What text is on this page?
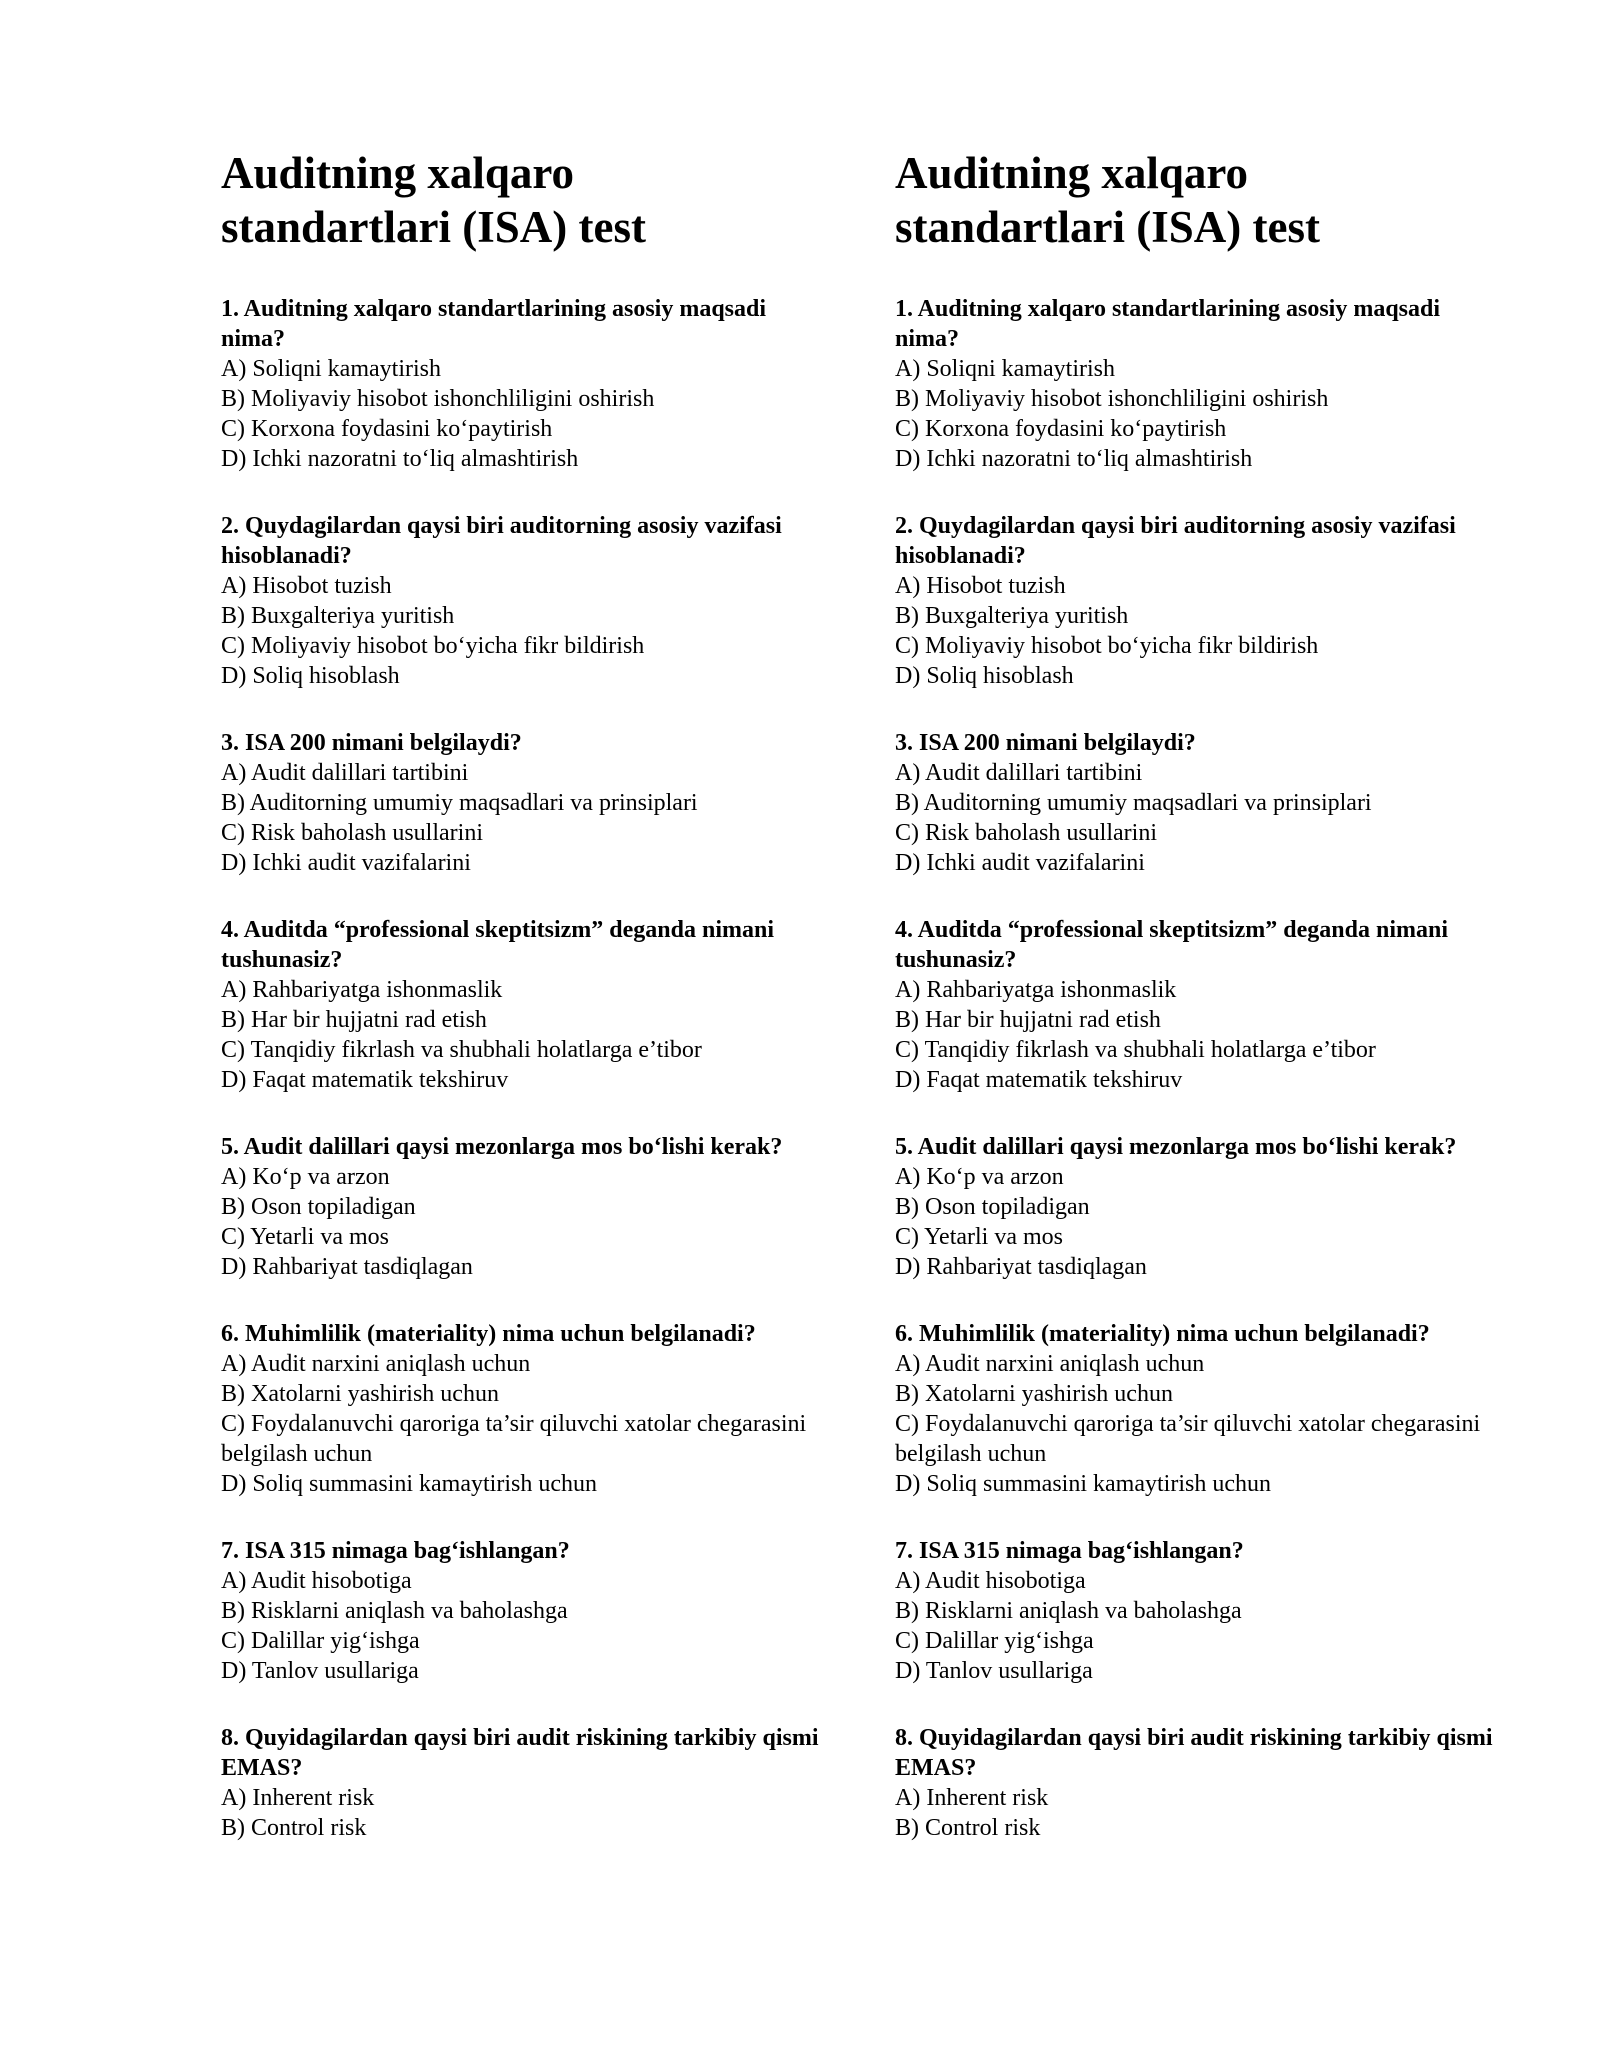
Auditning xalqaro standartlari (ISA) test

1. Auditning xalqaro standartlarining asosiy maqsadi nima?

A) Soliqni kamaytirish

B) Moliyaviy hisobot ishonchliligini oshirish

C) Korxona foydasini ko‘paytirish

D) Ichki nazoratni to‘liq almashtirish

2. Quydagilardan qaysi biri auditorning asosiy vazifasi hisoblanadi?

A) Hisobot tuzish

B) Buxgalteriya yuritish

C) Moliyaviy hisobot bo‘yicha fikr bildirish

D) Soliq hisoblash

3. ISA 200 nimani belgilaydi?

A) Audit dalillari tartibini

B) Auditorning umumiy maqsadlari va prinsiplari

C) Risk baholash usullarini

D) Ichki audit vazifalarini

4. Auditda “professional skeptitsizm” deganda nimani tushunasiz?

A) Rahbariyatga ishonmaslik

B) Har bir hujjatni rad etish

C) Tanqidiy fikrlash va shubhali holatlarga e’tibor

D) Faqat matematik tekshiruv

5. Audit dalillari qaysi mezonlarga mos bo‘lishi kerak?

A) Ko‘p va arzon

B) Oson topiladigan

C) Yetarli va mos

D) Rahbariyat tasdiqlagan

6. Muhimlilik (materiality) nima uchun belgilanadi?

A) Audit narxini aniqlash uchun

B) Xatolarni yashirish uchun

C) Foydalanuvchi qaroriga ta’sir qiluvchi xatolar chegarasini belgilash uchun

D) Soliq summasini kamaytirish uchun

7. ISA 315 nimaga bag‘ishlangan?

A) Audit hisobotiga

B) Risklarni aniqlash va baholashga

C) Dalillar yig‘ishga

D) Tanlov usullariga

8. Quyidagilardan qaysi biri audit riskining tarkibiy qismi EMAS?

A) Inherent risk

B) Control risk

Auditning xalqaro standartlari (ISA) test

1. Auditning xalqaro standartlarining asosiy maqsadi nima?

A) Soliqni kamaytirish

B) Moliyaviy hisobot ishonchliligini oshirish

C) Korxona foydasini ko‘paytirish

D) Ichki nazoratni to‘liq almashtirish

2. Quydagilardan qaysi biri auditorning asosiy vazifasi hisoblanadi?

A) Hisobot tuzish

B) Buxgalteriya yuritish

C) Moliyaviy hisobot bo‘yicha fikr bildirish

D) Soliq hisoblash

3. ISA 200 nimani belgilaydi?

A) Audit dalillari tartibini

B) Auditorning umumiy maqsadlari va prinsiplari

C) Risk baholash usullarini

D) Ichki audit vazifalarini

4. Auditda “professional skeptitsizm” deganda nimani tushunasiz?

A) Rahbariyatga ishonmaslik

B) Har bir hujjatni rad etish

C) Tanqidiy fikrlash va shubhali holatlarga e’tibor

D) Faqat matematik tekshiruv

5. Audit dalillari qaysi mezonlarga mos bo‘lishi kerak?

A) Ko‘p va arzon

B) Oson topiladigan

C) Yetarli va mos

D) Rahbariyat tasdiqlagan

6. Muhimlilik (materiality) nima uchun belgilanadi?

A) Audit narxini aniqlash uchun

B) Xatolarni yashirish uchun

C) Foydalanuvchi qaroriga ta’sir qiluvchi xatolar chegarasini belgilash uchun

D) Soliq summasini kamaytirish uchun

7. ISA 315 nimaga bag‘ishlangan?

A) Audit hisobotiga

B) Risklarni aniqlash va baholashga

C) Dalillar yig‘ishga

D) Tanlov usullariga

8. Quyidagilardan qaysi biri audit riskining tarkibiy qismi EMAS?

A) Inherent risk

B) Control risk
